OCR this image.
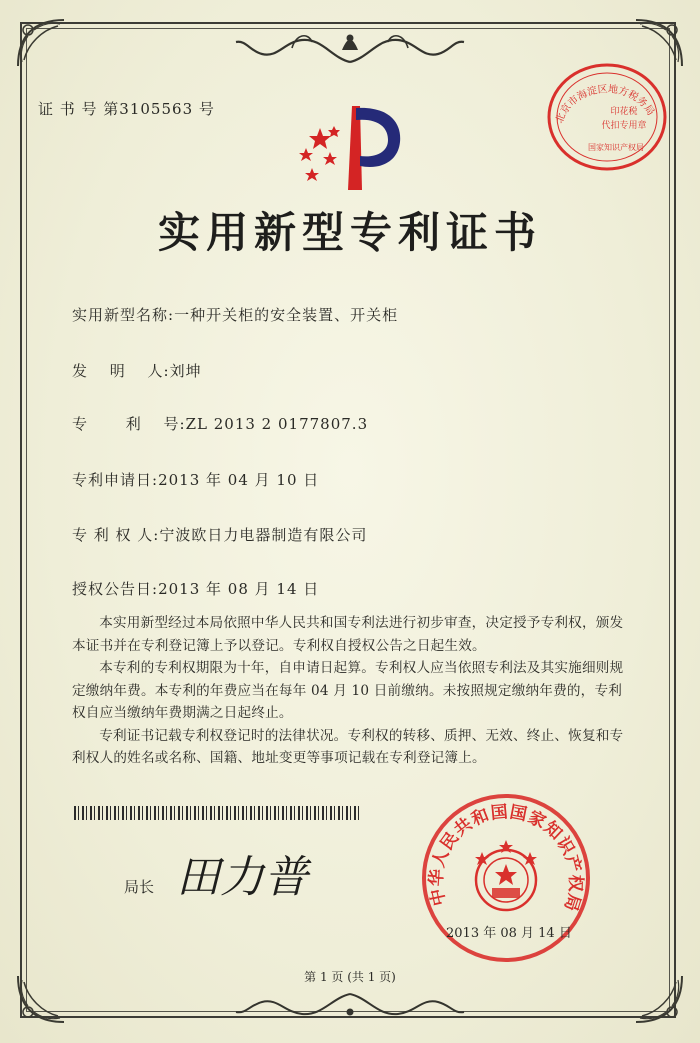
证 书 号 第3105563 号
北京市海淀区地方税务局
印花税
代扣专用章
国家知识产权局
实用新型专利证书
实用新型名称:一种开关柜的安全装置、开关柜
发　 明　 人:刘坤
专　 　利　 号:ZL 2013 2 0177807.3
专利申请日:2013 年 04 月 10 日
专 利 权 人:宁波欧日力电器制造有限公司
授权公告日:2013 年 08 月 14 日

本实用新型经过本局依照中华人民共和国专利法进行初步审查，决定授予专利权，颁发本证书并在专利登记簿上予以登记。专利权自授权公告之日起生效。

本专利的专利权期限为十年，自申请日起算。专利权人应当依照专利法及其实施细则规定缴纳年费。本专利的年费应当在每年 04 月 10 日前缴纳。未按照规定缴纳年费的，专利权自应当缴纳年费期满之日起终止。

专利证书记载专利权登记时的法律状况。专利权的转移、质押、无效、终止、恢复和专利权人的姓名或名称、国籍、地址变更等事项记载在专利登记簿上。

局长 田力普	中华人民共和国国家知识产权局
2013 年 08 月 14 日
第 1 页 (共 1 页)
